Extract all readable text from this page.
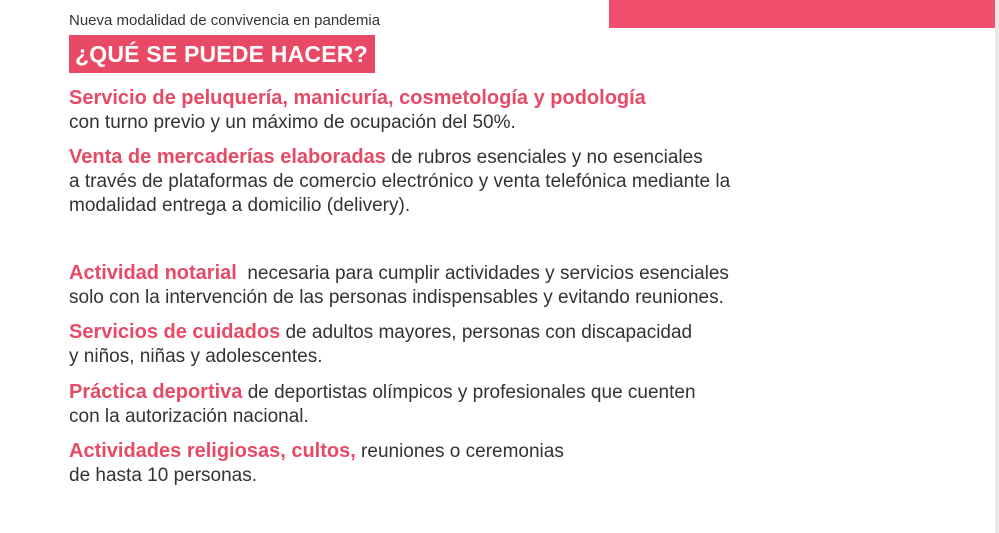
Nueva modalidad de convivencia en pandemia
¿QUÉ SE PUEDE HACER?
Servicio de peluquería, manicuría, cosmetología y podología
con turno previo y un máximo de ocupación del 50%.
Venta de mercaderías elaboradas de rubros esenciales y no esenciales
a través de plataformas de comercio electrónico y venta telefónica mediante la
modalidad entrega a domicilio (delivery).
Actividad notarial  necesaria para cumplir actividades y servicios esenciales
solo con la intervención de las personas indispensables y evitando reuniones.
Servicios de cuidados de adultos mayores, personas con discapacidad
y niños, niñas y adolescentes.
Práctica deportiva de deportistas olímpicos y profesionales que cuenten
con la autorización nacional.
Actividades religiosas, cultos, reuniones o ceremonias
de hasta 10 personas.
